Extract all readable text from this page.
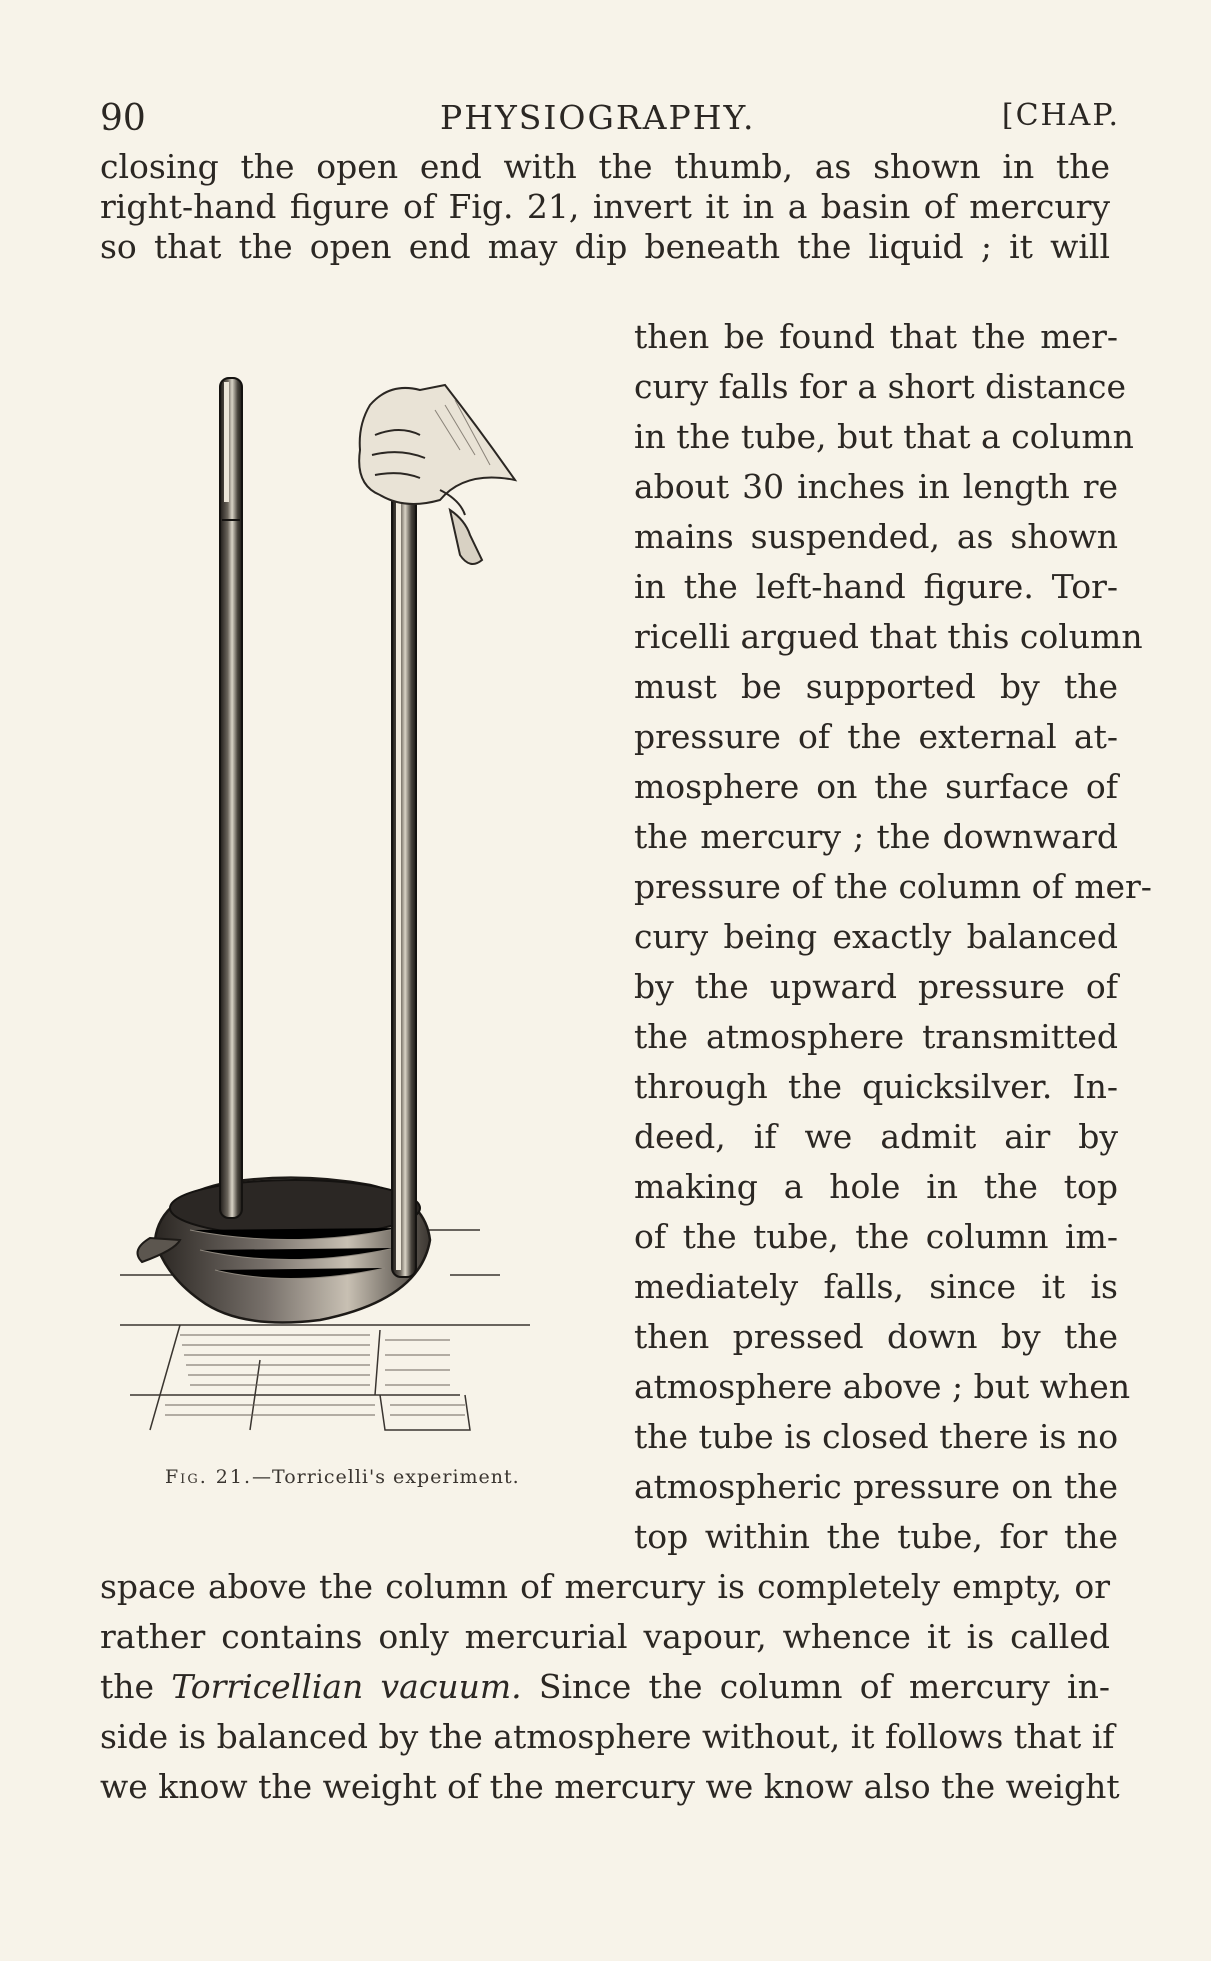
90	PHYSIOGRAPHY.	[CHAP.
closing the open end with the thumb, as shown in the
right-hand figure of Fig. 21, invert it in a basin of mercury
so that the open end may dip beneath the liquid ; it will
then be found that the mer-
cury falls for a short distance
in the tube, but that a column
about 30 inches in length re
mains suspended, as shown
in the left-hand figure. Tor-
ricelli argued that this column
must be supported by the
pressure of the external at-
mosphere on the surface of
the mercury ; the downward
pressure of the column of mer-
cury being exactly balanced
by the upward pressure of
the atmosphere transmitted
through the quicksilver. In-
deed, if we admit air by
making a hole in the top
of the tube, the column im-
mediately falls, since it is
then pressed down by the
atmosphere above ; but when
the tube is closed there is no
atmospheric pressure on the
top within the tube, for the
space above the column of mercury is completely empty, or
rather contains only mercurial vapour, whence it is called
the Torricellian vacuum. Since the column of mercury in-
side is balanced by the atmosphere without, it follows that if
we know the weight of the mercury we know also the weight
Fig. 21.—Torricelli's experiment.
